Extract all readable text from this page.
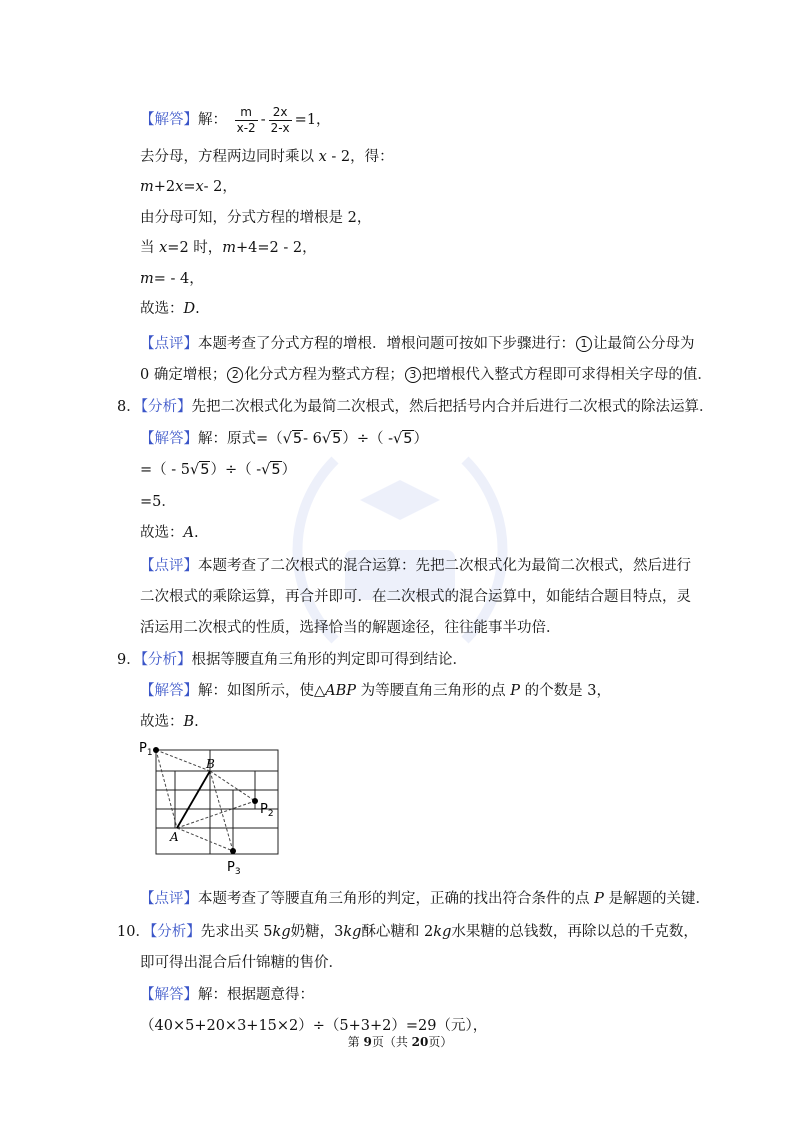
【解答】解： $\frac{m}{x-2} - \frac{2x}{2-x} =1$，
去分母，方程两边同时乘以 x - 2，得：
m+2x=x- 2，
由分母可知，分式方程的增根是 2，
当 x=2 时，m+4=2 - 2，
m= - 4，
故选：D.
【点评】本题考查了分式方程的增根．增根问题可按如下步骤进行： 1 让最简公分母为
0 确定增根； 2 化分式方程为整式方程； 3 把增根代入整式方程即可求得相关字母的值．
8．【分析】先把二次根式化为最简二次根式，然后把括号内合并后进行二次根式的除法运算．
【解答】解：原式=（√5- 6√5）÷（ -√5）
=（ - 5√5）÷（ -√5）
=5．
故选：A.
【点评】本题考查了二次根式的混合运算：先把二次根式化为最简二次根式，然后进行
二次根式的乘除运算，再合并即可．在二次根式的混合运算中，如能结合题目特点，灵
活运用二次根式的性质，选择恰当的解题途径，往往能事半功倍．
9．【分析】根据等腰直角三角形的判定即可得到结论．
【解答】解：如图所示，使△ABP 为等腰直角三角形的点 P 的个数是 3，
故选：B.
$P_1$
$P_2$
$P_3$
A
B
【点评】本题考查了等腰直角三角形的判定，正确的找出符合条件的点 P 是解题的关键．
10．【分析】先求出买 5kg奶糖，3kg酥心糖和 2kg水果糖的总钱数，再除以总的千克数，
即可得出混合后什锦糖的售价．
【解答】解：根据题意得：
（40×5+20×3+15×2）÷（5+3+2）=29（元），
第 9页（共 20页）
